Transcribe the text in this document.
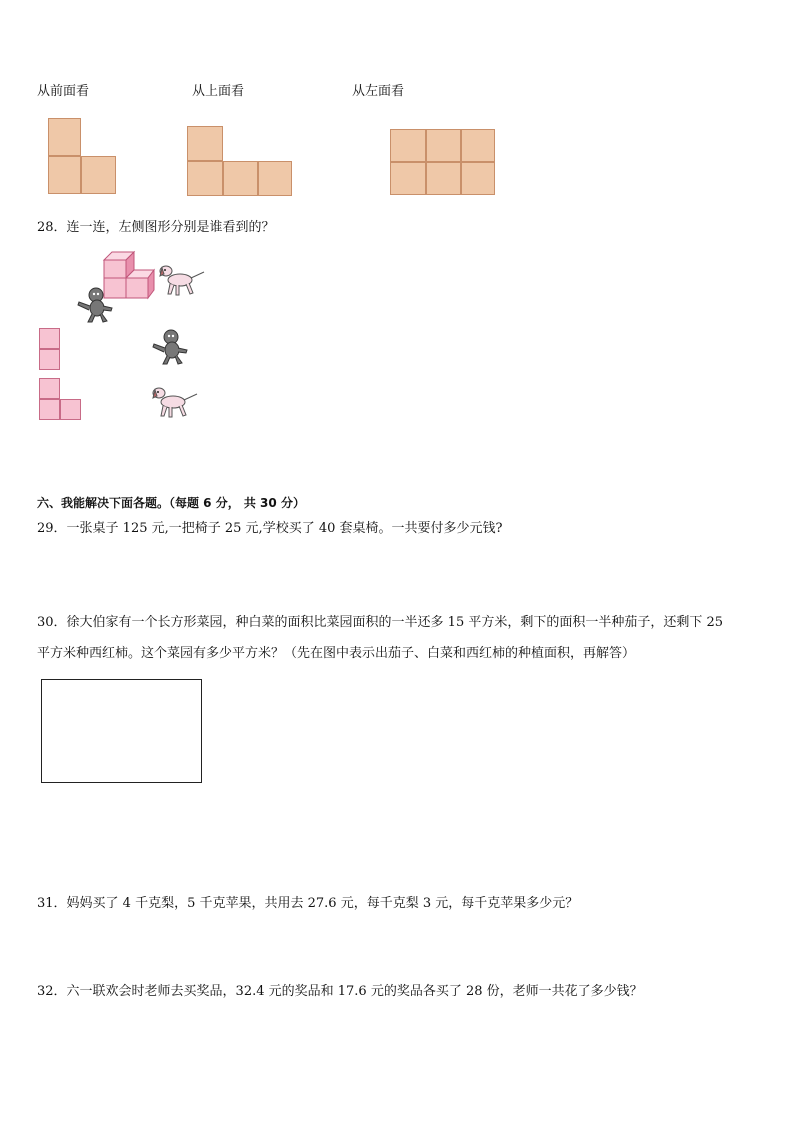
从前面看	从上面看	从左面看
28．连一连，左侧图形分别是谁看到的？
六、我能解决下面各题。（每题 6 分， 共 30 分）
29．一张桌子 125 元,一把椅子 25 元,学校买了 40 套桌椅。一共要付多少元钱?
30．徐大伯家有一个长方形菜园，种白菜的面积比菜园面积的一半还多 15 平方米，剩下的面积一半种茄子，还剩下 25
平方米种西红柿。这个菜园有多少平方米？（先在图中表示出茄子、白菜和西红柿的种植面积，再解答）
31．妈妈买了 4 千克梨，5 千克苹果，共用去 27.6 元，每千克梨 3 元，每千克苹果多少元？
32．六一联欢会时老师去买奖品，32.4 元的奖品和 17.6 元的奖品各买了 28 份，老师一共花了多少钱？
